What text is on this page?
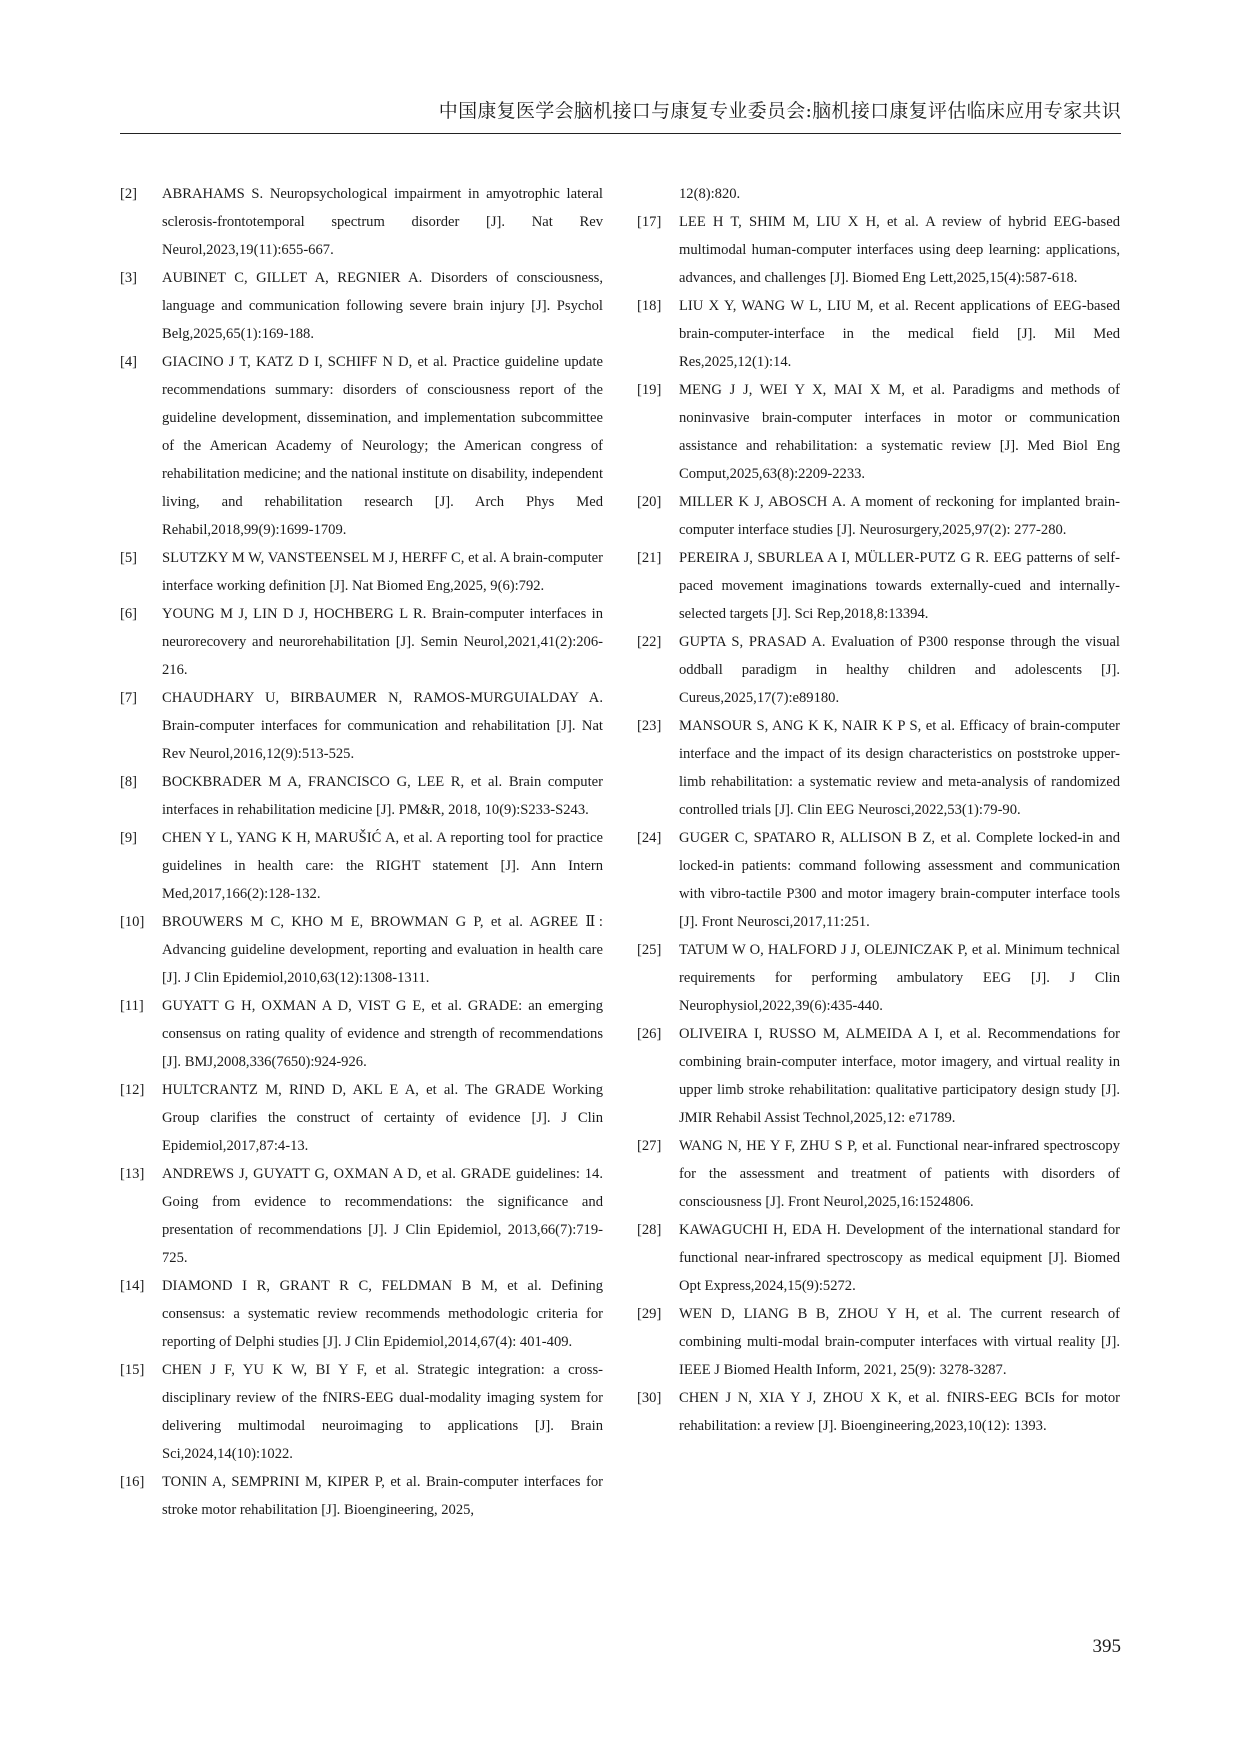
中国康复医学会脑机接口与康复专业委员会:脑机接口康复评估临床应用专家共识
[2]	ABRAHAMS S. Neuropsychological impairment in amyotrophic lateral sclerosis-frontotemporal spectrum disorder [J]. Nat Rev Neurol,2023,19(11):655-667.
[3]	AUBINET C, GILLET A, REGNIER A. Disorders of consciousness, language and communication following severe brain injury [J]. Psychol Belg,2025,65(1):169-188.
[4]	GIACINO J T, KATZ D I, SCHIFF N D, et al. Practice guideline update recommendations summary: disorders of consciousness report of the guideline development, dissemination, and implementation subcommittee of the American Academy of Neurology; the American congress of rehabilitation medicine; and the national institute on disability, independent living, and rehabilitation research [J]. Arch Phys Med Rehabil,2018,99(9):1699-1709.
[5]	SLUTZKY M W, VANSTEENSEL M J, HERFF C, et al. A brain-computer interface working definition [J]. Nat Biomed Eng,2025, 9(6):792.
[6]	YOUNG M J, LIN D J, HOCHBERG L R. Brain-computer interfaces in neurorecovery and neurorehabilitation [J]. Semin Neurol,2021,41(2):206-216.
[7]	CHAUDHARY U, BIRBAUMER N, RAMOS-MURGUIALDAY A. Brain-computer interfaces for communication and rehabilitation [J]. Nat Rev Neurol,2016,12(9):513-525.
[8]	BOCKBRADER M A, FRANCISCO G, LEE R, et al. Brain computer interfaces in rehabilitation medicine [J]. PM&R, 2018, 10(9):S233-S243.
[9]	CHEN Y L, YANG K H, MARUŠIĆ A, et al. A reporting tool for practice guidelines in health care: the RIGHT statement [J]. Ann Intern Med,2017,166(2):128-132.
[10]	BROUWERS M C, KHO M E, BROWMAN G P, et al. AGREE Ⅱ: Advancing guideline development, reporting and evaluation in health care [J]. J Clin Epidemiol,2010,63(12):1308-1311.
[11]	GUYATT G H, OXMAN A D, VIST G E, et al. GRADE: an emerging consensus on rating quality of evidence and strength of recommendations [J]. BMJ,2008,336(7650):924-926.
[12]	HULTCRANTZ M, RIND D, AKL E A, et al. The GRADE Working Group clarifies the construct of certainty of evidence [J]. J Clin Epidemiol,2017,87:4-13.
[13]	ANDREWS J, GUYATT G, OXMAN A D, et al. GRADE guidelines: 14. Going from evidence to recommendations: the significance and presentation of recommendations [J]. J Clin Epidemiol, 2013,66(7):719-725.
[14]	DIAMOND I R, GRANT R C, FELDMAN B M, et al. Defining consensus: a systematic review recommends methodologic criteria for reporting of Delphi studies [J]. J Clin Epidemiol,2014,67(4): 401-409.
[15]	CHEN J F, YU K W, BI Y F, et al. Strategic integration: a cross-disciplinary review of the fNIRS-EEG dual-modality imaging system for delivering multimodal neuroimaging to applications [J]. Brain Sci,2024,14(10):1022.
[16]	TONIN A, SEMPRINI M, KIPER P, et al. Brain-computer interfaces for stroke motor rehabilitation [J]. Bioengineering, 2025,
12(8):820.
[17]	LEE H T, SHIM M, LIU X H, et al. A review of hybrid EEG-based multimodal human-computer interfaces using deep learning: applications, advances, and challenges [J]. Biomed Eng Lett,2025,15(4):587-618.
[18]	LIU X Y, WANG W L, LIU M, et al. Recent applications of EEG-based brain-computer-interface in the medical field [J]. Mil Med Res,2025,12(1):14.
[19]	MENG J J, WEI Y X, MAI X M, et al. Paradigms and methods of noninvasive brain-computer interfaces in motor or communication assistance and rehabilitation: a systematic review [J]. Med Biol Eng Comput,2025,63(8):2209-2233.
[20]	MILLER K J, ABOSCH A. A moment of reckoning for implanted brain-computer interface studies [J]. Neurosurgery,2025,97(2): 277-280.
[21]	PEREIRA J, SBURLEA A I, MÜLLER-PUTZ G R. EEG patterns of self-paced movement imaginations towards externally-cued and internally-selected targets [J]. Sci Rep,2018,8:13394.
[22]	GUPTA S, PRASAD A. Evaluation of P300 response through the visual oddball paradigm in healthy children and adolescents [J]. Cureus,2025,17(7):e89180.
[23]	MANSOUR S, ANG K K, NAIR K P S, et al. Efficacy of brain-computer interface and the impact of its design characteristics on poststroke upper-limb rehabilitation: a systematic review and meta-analysis of randomized controlled trials [J]. Clin EEG Neurosci,2022,53(1):79-90.
[24]	GUGER C, SPATARO R, ALLISON B Z, et al. Complete locked-in and locked-in patients: command following assessment and communication with vibro-tactile P300 and motor imagery brain-computer interface tools [J]. Front Neurosci,2017,11:251.
[25]	TATUM W O, HALFORD J J, OLEJNICZAK P, et al. Minimum technical requirements for performing ambulatory EEG [J]. J Clin Neurophysiol,2022,39(6):435-440.
[26]	OLIVEIRA I, RUSSO M, ALMEIDA A I, et al. Recommendations for combining brain-computer interface, motor imagery, and virtual reality in upper limb stroke rehabilitation: qualitative participatory design study [J]. JMIR Rehabil Assist Technol,2025,12: e71789.
[27]	WANG N, HE Y F, ZHU S P, et al. Functional near-infrared spectroscopy for the assessment and treatment of patients with disorders of consciousness [J]. Front Neurol,2025,16:1524806.
[28]	KAWAGUCHI H, EDA H. Development of the international standard for functional near-infrared spectroscopy as medical equipment [J]. Biomed Opt Express,2024,15(9):5272.
[29]	WEN D, LIANG B B, ZHOU Y H, et al. The current research of combining multi-modal brain-computer interfaces with virtual reality [J]. IEEE J Biomed Health Inform, 2021, 25(9): 3278-3287.
[30]	CHEN J N, XIA Y J, ZHOU X K, et al. fNIRS-EEG BCIs for motor rehabilitation: a review [J]. Bioengineering,2023,10(12): 1393.
395
